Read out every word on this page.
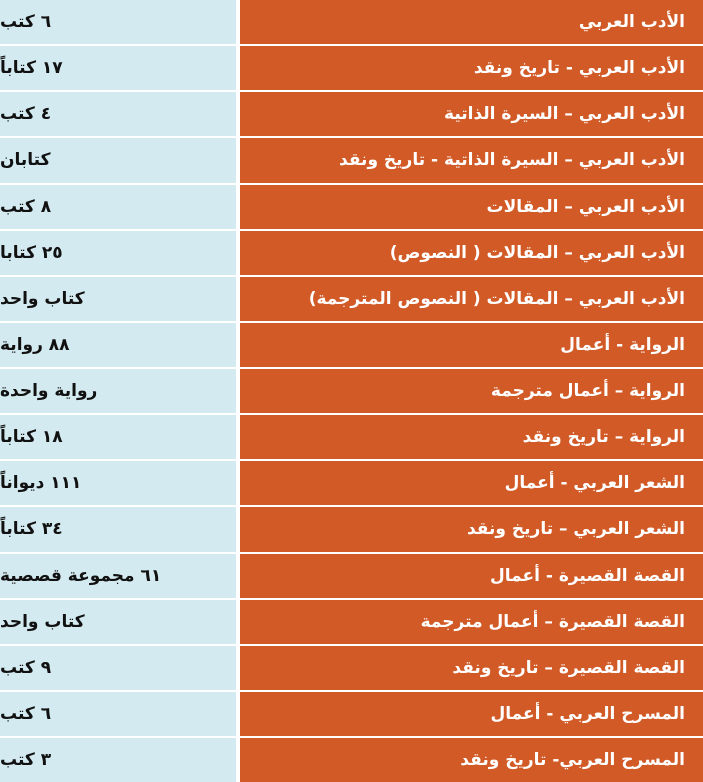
٦ كتب	الأدب العربي
١٧ كتاباً	الأدب العربي - تاريخ ونقد
٤ كتب	الأدب العربي – السيرة الذاتية
كتابان	الأدب العربي – السيرة الذاتية - تاريخ ونقد
٨ كتب	الأدب العربي – المقالات
٢٥ كتابا	الأدب العربي – المقالات ( النصوص)
كتاب واحد	الأدب العربي – المقالات ( النصوص المترجمة)
٨٨ رواية	الرواية - أعمال
رواية واحدة	الرواية – أعمال مترجمة
١٨ كتاباً	الرواية – تاريخ ونقد
١١١ ديواناً	الشعر العربي - أعمال
٣٤ كتاباً	الشعر العربي – تاريخ ونقد
٦١ مجموعة قصصية	القصة القصيرة - أعمال
كتاب واحد	القصة القصيرة – أعمال مترجمة
٩ كتب	القصة القصيرة – تاريخ ونقد
٦ كتب	المسرح العربي - أعمال
٣ كتب	المسرح العربي- تاريخ ونقد
